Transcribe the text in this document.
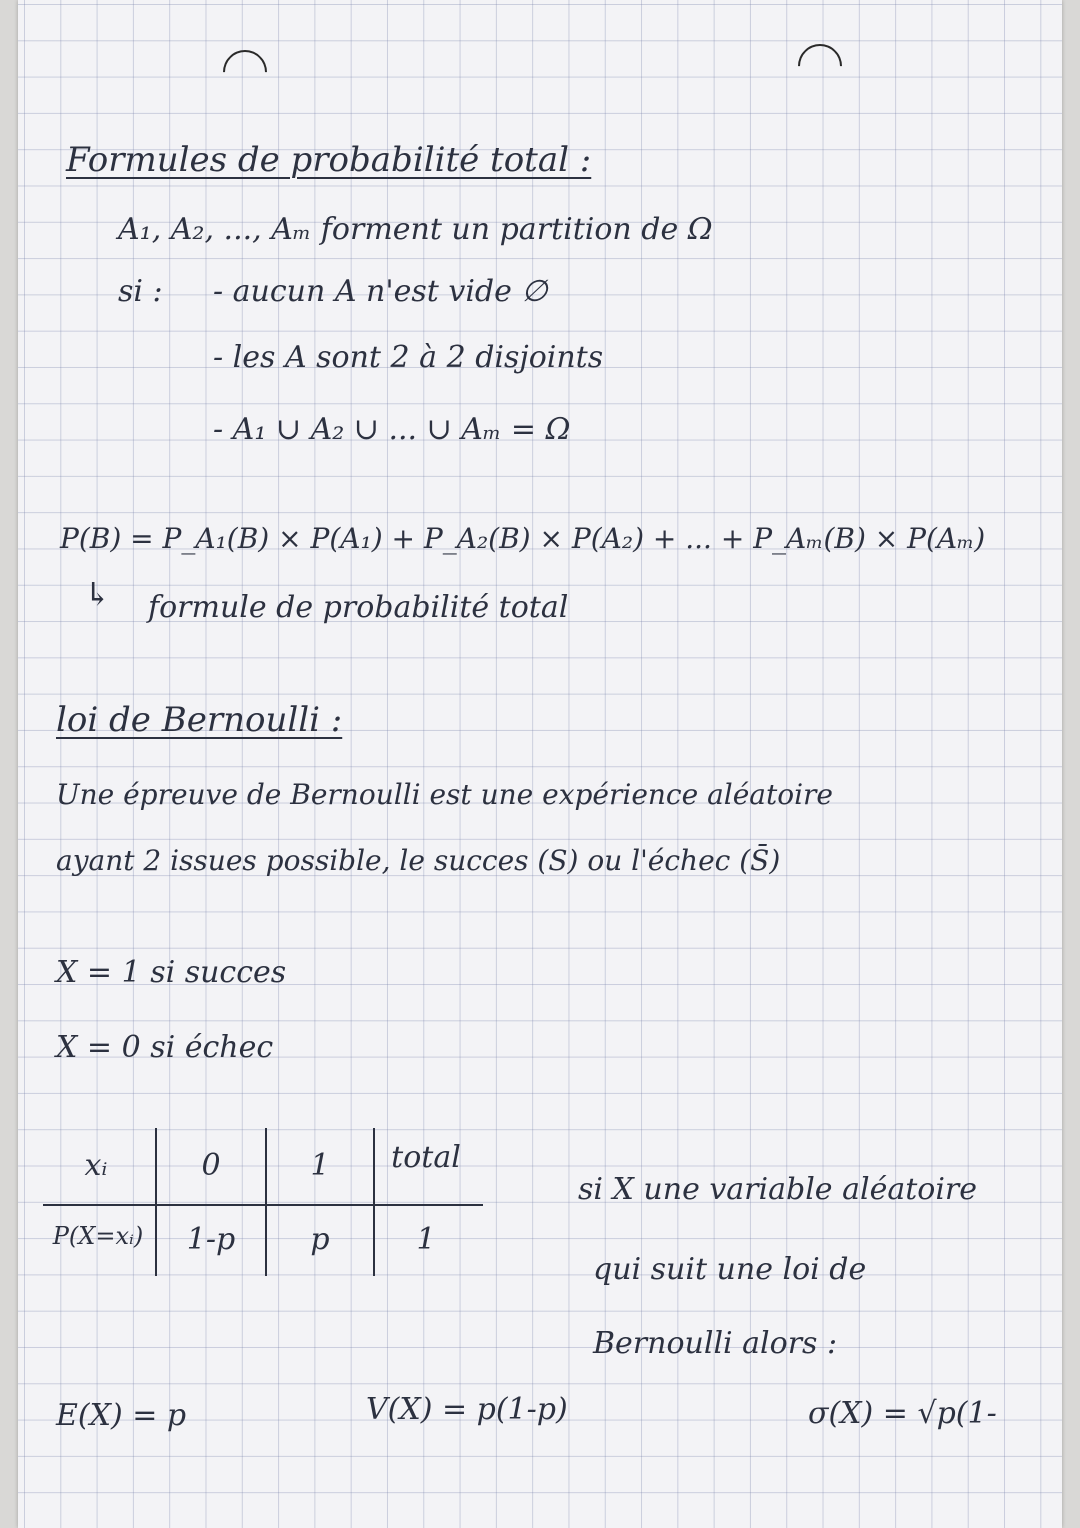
Formules de probabilité total :
A₁, A₂, ..., Aₘ forment un partition de Ω
si : - aucun A n'est vide ∅
- les A sont 2 à 2 disjoints
- A₁ ∪ A₂ ∪ ... ∪ Aₘ = Ω
P(B) = P_A₁(B) × P(A₁) + P_A₂(B) × P(A₂) + ... + P_Aₘ(B) × P(Aₘ)
↳ formule de probabilité total
loi de Bernoulli :
Une épreuve de Bernoulli est une expérience aléatoire
ayant 2 issues possible, le succes (S) ou l'échec (S̄)
X = 1 si succes
X = 0 si échec
xᵢ	0	1	total
P(X=xᵢ)	1-p	p	1
si X une variable aléatoire
qui suit une loi de
Bernoulli alors :
E(X) = p	V(X) = p(1-p)	σ(X) = √p(1-
